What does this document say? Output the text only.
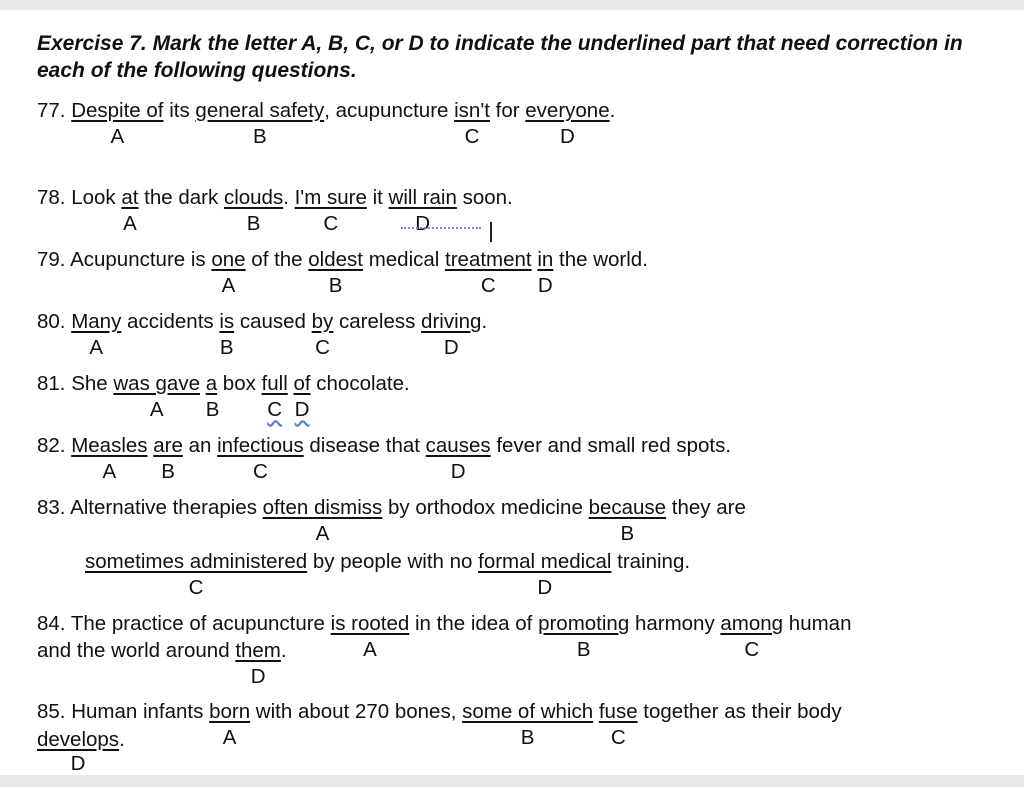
Exercise 7. Mark the letter A, B, C, or D to indicate the underlined part that need correction in each of the following questions.
77. Despite of
A
its general safety
B
, acupuncture isn't
C
for everyone
D
.
78. Look at
A
the dark clouds
B
. I'm sure
C
it will rain
D
soon.
79. Acupuncture is one
A
of the oldest
B
medical treatment
C
in
D
the world.
80. Many
A
accidents is
B
caused by
C
careless driving
D
.
81. She was gave
A
a
B
box full
C
of
D
chocolate.
82. Measles
A
are
B
an infectious
C
disease that causes
D
fever and small red spots.
83. Alternative therapies often dismiss
A
by orthodox medicine because
B
they are
sometimes administered
C
by people with no formal medical
D
training.
84. The practice of acupuncture is rooted
A
in the idea of promoting
B
harmony among
C
human
and the world around them
D
.
85. Human infants born
A
with about 270 bones, some of which
B
fuse
C
together as their body
develops
D
.
